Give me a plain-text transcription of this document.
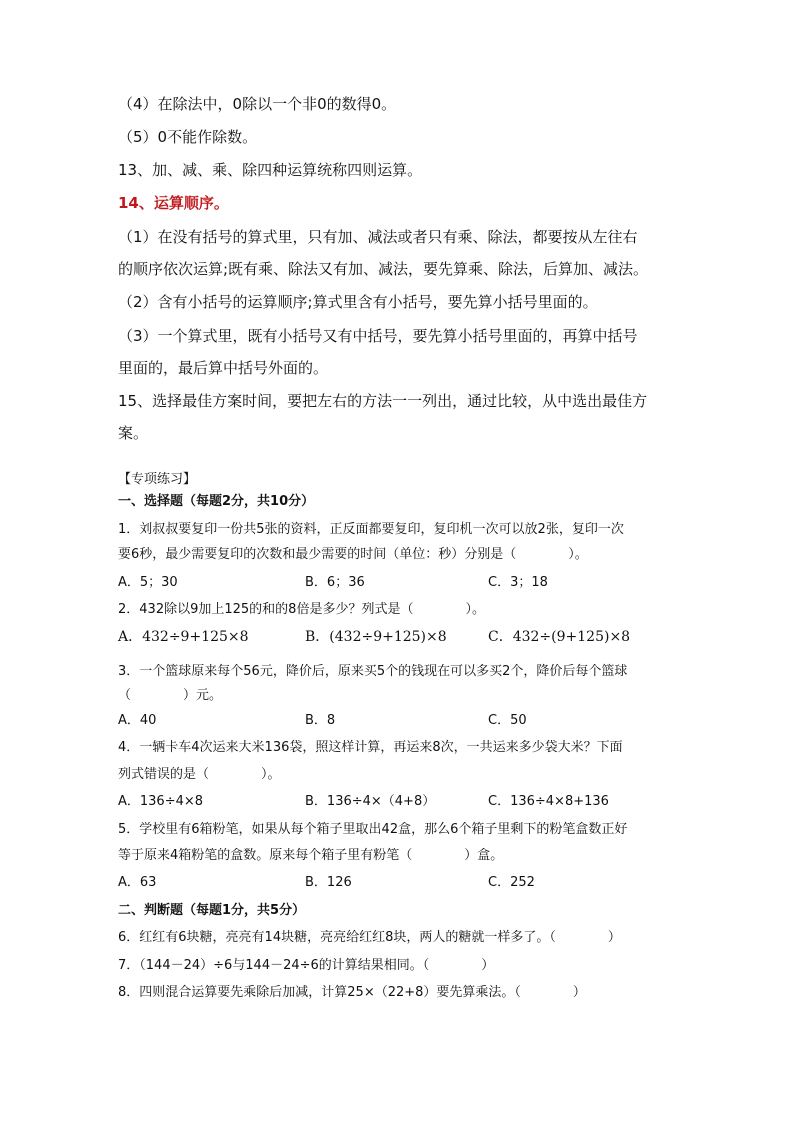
（4）在除法中，0除以一个非0的数得0。
（5）0不能作除数。
13、加、减、乘、除四种运算统称四则运算。
14、运算顺序。
（1）在没有括号的算式里，只有加、减法或者只有乘、除法，都要按从左往右
的顺序依次运算;既有乘、除法又有加、减法，要先算乘、除法，后算加、减法。
（2）含有小括号的运算顺序;算式里含有小括号，要先算小括号里面的。
（3）一个算式里，既有小括号又有中括号，要先算小括号里面的，再算中括号
里面的，最后算中括号外面的。
15、选择最佳方案时间，要把左右的方法一一列出，通过比较，从中选出最佳方
案。
【专项练习】
一、选择题（每题2分，共10分）
1．刘叔叔要复印一份共5张的资料，正反面都要复印，复印机一次可以放2张，复印一次
要6秒，最少需要复印的次数和最少需要的时间（单位：秒）分别是（　　　　）。
A．5；30	B．6；36	C．3；18
2．432除以9加上125的和的8倍是多少？列式是（　　　　）。
A．432÷9+125×8	B．(432÷9+125)×8	C．432÷(9+125)×8
3．一个篮球原来每个56元，降价后，原来买5个的钱现在可以多买2个，降价后每个篮球
（　　　　）元。
A．40	B．8	C．50
4．一辆卡车4次运来大米136袋，照这样计算，再运来8次，一共运来多少袋大米？下面
列式错误的是（　　　　）。
A．136÷4×8	B．136÷4×（4+8）	C．136÷4×8+136
5．学校里有6箱粉笔，如果从每个箱子里取出42盒，那么6个箱子里剩下的粉笔盒数正好
等于原来4箱粉笔的盒数。原来每个箱子里有粉笔（　　　　）盒。
A．63	B．126	C．252
二、判断题（每题1分，共5分）
6．红红有6块糖，亮亮有14块糖，亮亮给红红8块，两人的糖就一样多了。（　　　　）
7．（144－24）÷6与144－24÷6的计算结果相同。（　　　　）
8．四则混合运算要先乘除后加减，计算25×（22+8）要先算乘法。（　　　　）
